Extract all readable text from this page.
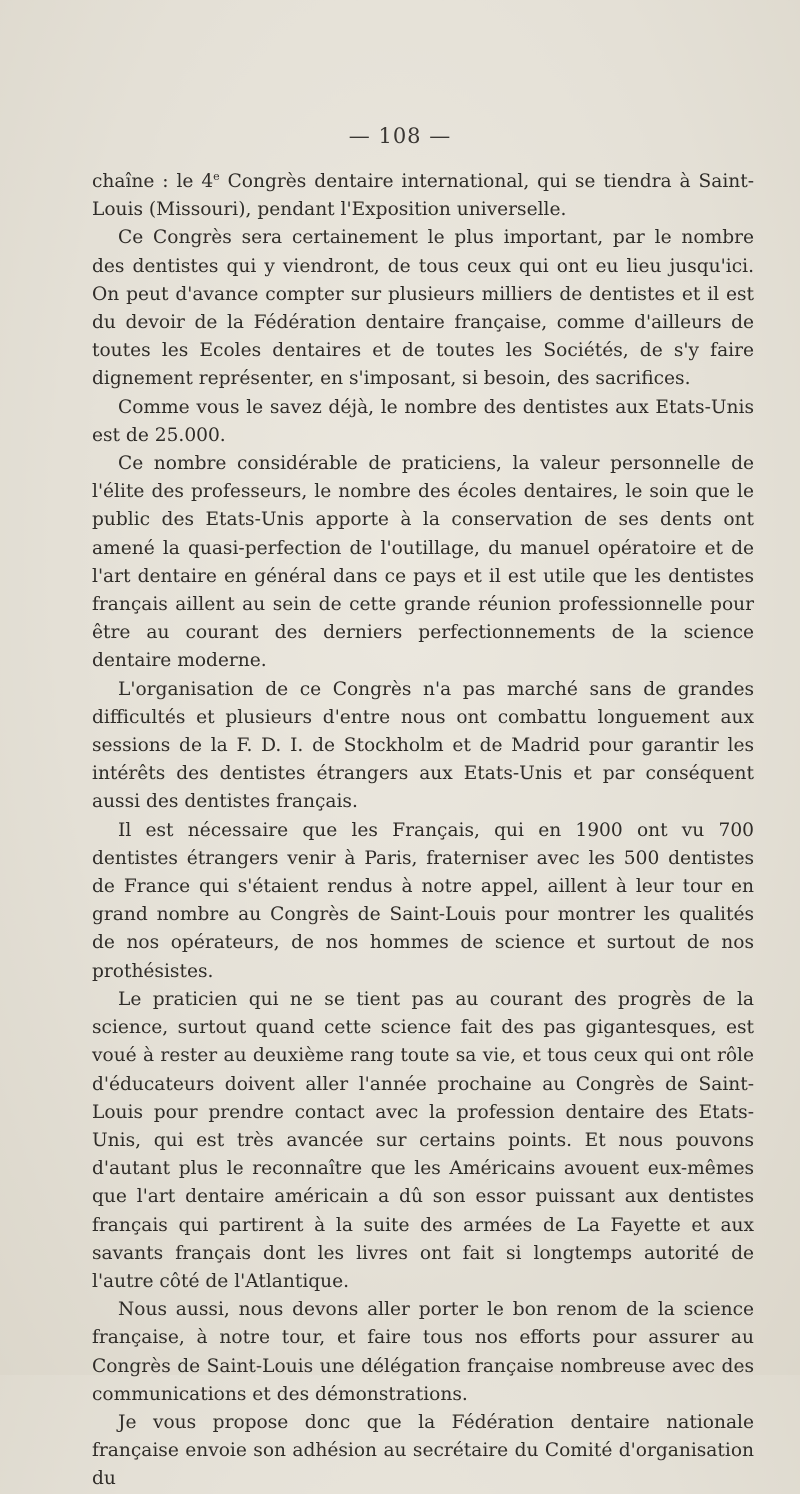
— 108 —

chaîne : le 4e Congrès dentaire international, qui se tiendra à Saint-Louis (Missouri), pendant l'Exposition universelle.

Ce Congrès sera certainement le plus important, par le nombre des dentistes qui y viendront, de tous ceux qui ont eu lieu jusqu'ici. On peut d'avance compter sur plusieurs milliers de dentistes et il est du devoir de la Fédération dentaire française, comme d'ailleurs de toutes les Ecoles dentaires et de toutes les Sociétés, de s'y faire dignement représenter, en s'imposant, si besoin, des sacrifices.

Comme vous le savez déjà, le nombre des dentistes aux Etats-Unis est de 25.000.

Ce nombre considérable de praticiens, la valeur personnelle de l'élite des professeurs, le nombre des écoles dentaires, le soin que le public des Etats-Unis apporte à la conservation de ses dents ont amené la quasi-perfection de l'outillage, du manuel opératoire et de l'art dentaire en général dans ce pays et il est utile que les dentistes français aillent au sein de cette grande réunion professionnelle pour être au courant des derniers perfectionnements de la science dentaire moderne.

L'organisation de ce Congrès n'a pas marché sans de grandes difficultés et plusieurs d'entre nous ont combattu longuement aux sessions de la F. D. I. de Stockholm et de Madrid pour garantir les intérêts des dentistes étrangers aux Etats-Unis et par conséquent aussi des dentistes français.

Il est nécessaire que les Français, qui en 1900 ont vu 700 dentistes étrangers venir à Paris, fraterniser avec les 500 dentistes de France qui s'étaient rendus à notre appel, aillent à leur tour en grand nombre au Congrès de Saint-Louis pour montrer les qualités de nos opérateurs, de nos hommes de science et surtout de nos prothésistes.

Le praticien qui ne se tient pas au courant des progrès de la science, surtout quand cette science fait des pas gigantesques, est voué à rester au deuxième rang toute sa vie, et tous ceux qui ont rôle d'éducateurs doivent aller l'année prochaine au Congrès de Saint-Louis pour prendre contact avec la profession dentaire des Etats-Unis, qui est très avancée sur certains points. Et nous pouvons d'autant plus le reconnaître que les Américains avouent eux-mêmes que l'art dentaire américain a dû son essor puissant aux dentistes français qui partirent à la suite des armées de La Fayette et aux savants français dont les livres ont fait si longtemps autorité de l'autre côté de l'Atlantique.

Nous aussi, nous devons aller porter le bon renom de la science française, à notre tour, et faire tous nos efforts pour assurer au Congrès de Saint-Louis une délégation française nombreuse avec des communications et des démonstrations.

Je vous propose donc que la Fédération dentaire nationale française envoie son adhésion au secrétaire du Comité d'organisation du
